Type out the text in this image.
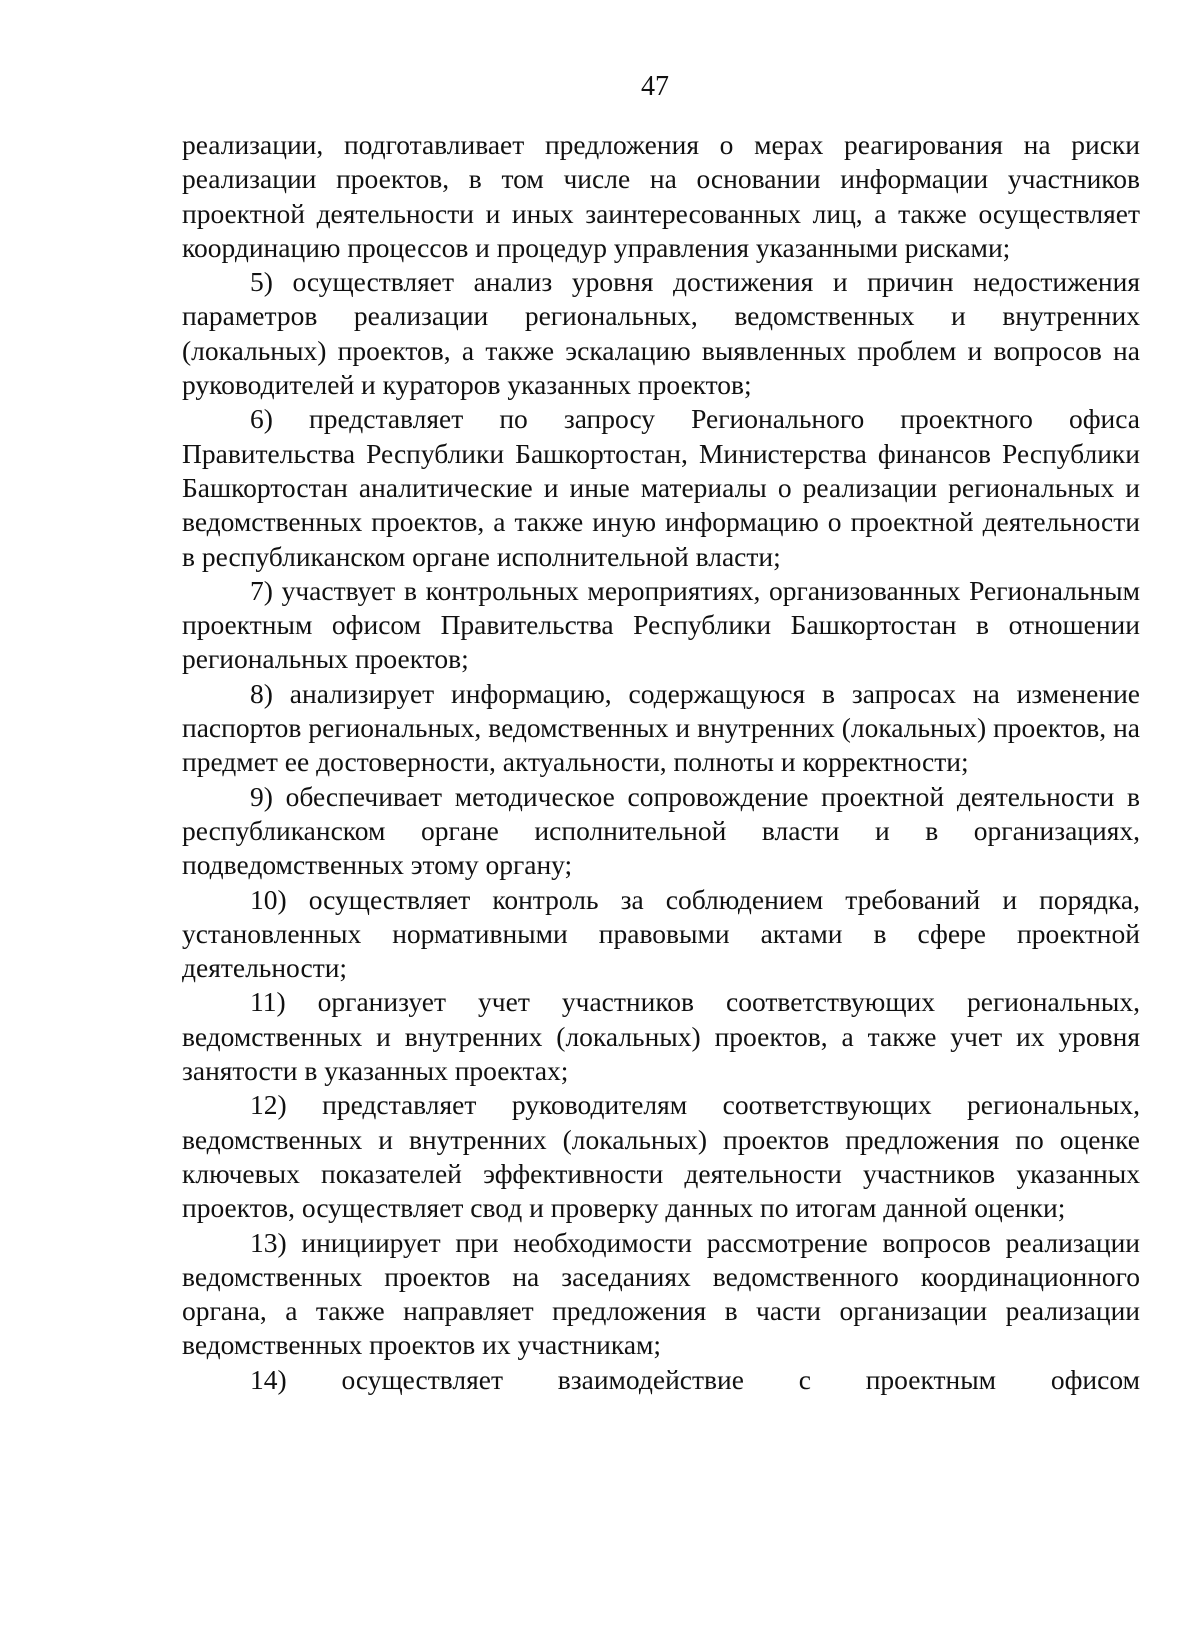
47

реализации, подготавливает предложения о мерах реагирования на риски реализации проектов, в том числе на основании информации участников проектной деятельности и иных заинтересованных лиц, а также осуществляет координацию процессов и процедур управления указанными рисками;

5) осуществляет анализ уровня достижения и причин недостижения параметров реализации региональных, ведомственных и внутренних (локальных) проектов, а также эскалацию выявленных проблем и вопросов на руководителей и кураторов указанных проектов;

6) представляет по запросу Регионального проектного офиса Правительства Республики Башкортостан, Министерства финансов Республики Башкортостан аналитические и иные материалы о реализации региональных и ведомственных проектов, а также иную информацию о проектной деятельности в республиканском органе исполнительной власти;

7) участвует в контрольных мероприятиях, организованных Региональным проектным офисом Правительства Республики Башкортостан в отношении региональных проектов;

8) анализирует информацию, содержащуюся в запросах на изменение паспортов региональных, ведомственных и внутренних (локальных) проектов, на предмет ее достоверности, актуальности, полноты и корректности;

9) обеспечивает методическое сопровождение проектной деятельности в республиканском органе исполнительной власти и в организациях, подведомственных этому органу;

10) осуществляет контроль за соблюдением требований и порядка, установленных нормативными правовыми актами в сфере проектной деятельности;

11) организует учет участников соответствующих региональных, ведомственных и внутренних (локальных) проектов, а также учет их уровня занятости в указанных проектах;

12) представляет руководителям соответствующих региональных, ведомственных и внутренних (локальных) проектов предложения по оценке ключевых показателей эффективности деятельности участников указанных проектов, осуществляет свод и проверку данных по итогам данной оценки;

13) инициирует при необходимости рассмотрение вопросов реализации ведомственных проектов на заседаниях ведомственного координационного органа, а также направляет предложения в части организации реализации ведомственных проектов их участникам;

14) осуществляет взаимодействие с проектным офисом
